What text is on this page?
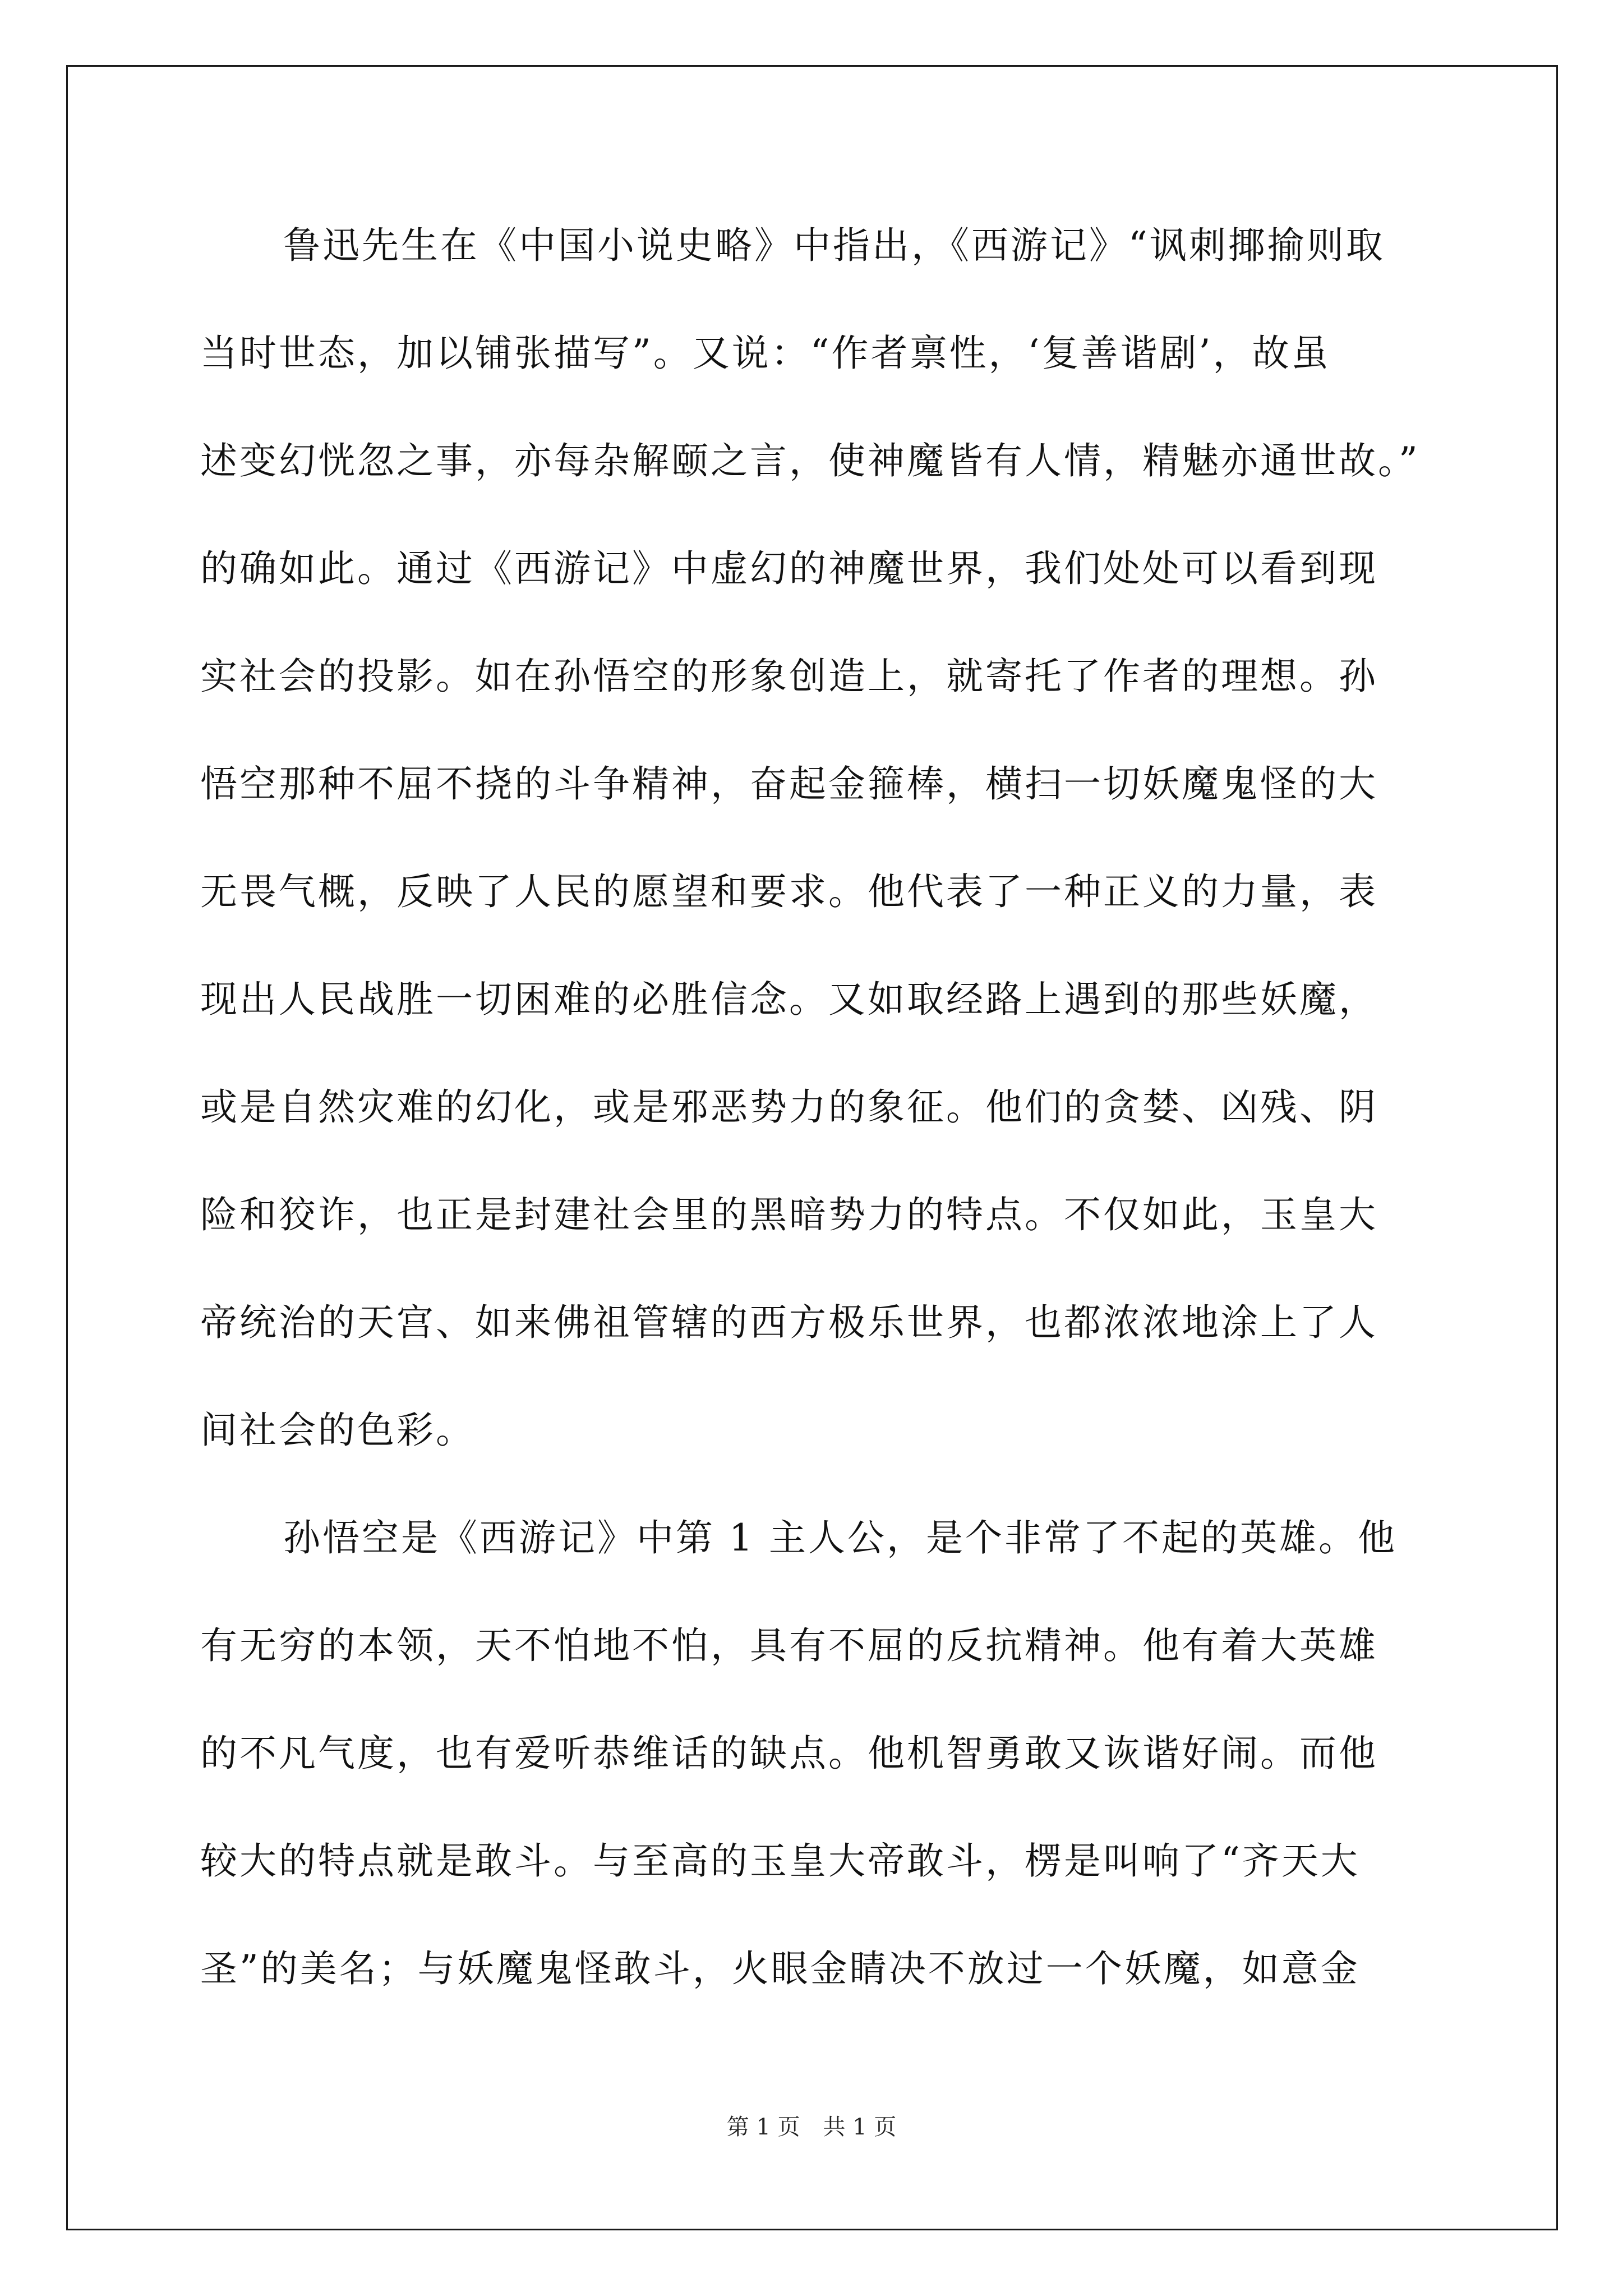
鲁迅先生在《中国小说史略》中指出，《西游记》“讽刺揶揄则取
当时世态，加以铺张描写”。又说：“作者禀性，‘复善谐剧’，故虽
述变幻恍忽之事，亦每杂解颐之言，使神魔皆有人情，精魅亦通世故。”
的确如此。通过《西游记》中虚幻的神魔世界，我们处处可以看到现
实社会的投影。如在孙悟空的形象创造上，就寄托了作者的理想。孙
悟空那种不屈不挠的斗争精神，奋起金箍棒，横扫一切妖魔鬼怪的大
无畏气概，反映了人民的愿望和要求。他代表了一种正义的力量，表
现出人民战胜一切困难的必胜信念。又如取经路上遇到的那些妖魔，
或是自然灾难的幻化，或是邪恶势力的象征。他们的贪婪、凶残、阴
险和狡诈，也正是封建社会里的黑暗势力的特点。不仅如此，玉皇大
帝统治的天宫、如来佛祖管辖的西方极乐世界，也都浓浓地涂上了人
间社会的色彩。
孙悟空是《西游记》中第 1 主人公，是个非常了不起的英雄。他
有无穷的本领，天不怕地不怕，具有不屈的反抗精神。他有着大英雄
的不凡气度，也有爱听恭维话的缺点。他机智勇敢又诙谐好闹。而他
较大的特点就是敢斗。与至高的玉皇大帝敢斗，楞是叫响了“齐天大
圣”的美名；与妖魔鬼怪敢斗，火眼金睛决不放过一个妖魔，如意金
第 1 页 共 1 页
